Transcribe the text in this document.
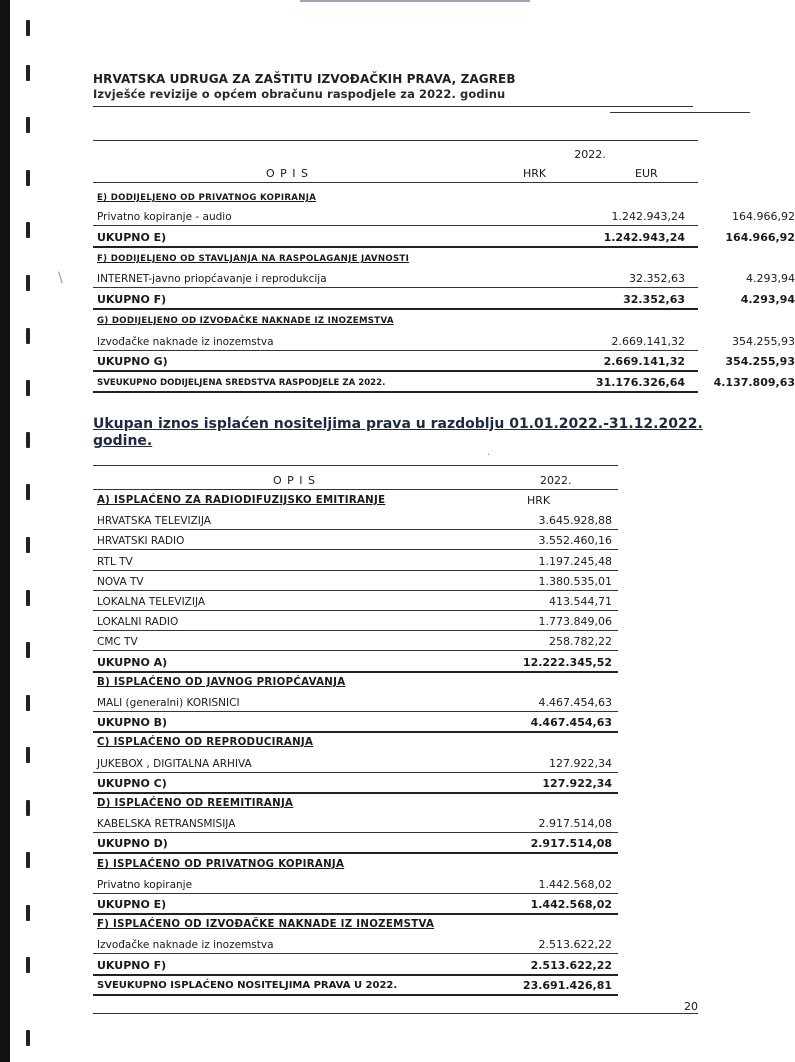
HRVATSKA UDRUGA ZA ZAŠTITU IZVOĐAČKIH PRAVA, ZAGREB
Izvješće revizije o općem obračunu raspodjele za 2022. godinu
2022.
O P I S	HRK	EUR
E) DODIJELJENO OD PRIVATNOG KOPIRANJA
Privatno kopiranje - audio	1.242.943,24	164.966,92
UKUPNO E)	1.242.943,24	164.966,92
F) DODIJELJENO OD STAVLJANJA NA RASPOLAGANJE JAVNOSTI
INTERNET-javno priopćavanje i reprodukcija	32.352,63	4.293,94
UKUPNO F)	32.352,63	4.293,94
G) DODIJELJENO OD IZVOĐAČKE NAKNADE IZ INOZEMSTVA
Izvođačke naknade iz inozemstva	2.669.141,32	354.255,93
UKUPNO G)	2.669.141,32	354.255,93
SVEUKUPNO DODIJELJENA SREDSTVA RASPODJELE ZA 2022.	31.176.326,64	4.137.809,63
Ukupan iznos isplaćen nositeljima prava u razdoblju 01.01.2022.-31.12.2022. godine.
·
\
O P I S	2022.
A) ISPLAĆENO ZA RADIODIFUZIJSKO EMITIRANJE	HRK
HRVATSKA TELEVIZIJA	3.645.928,88
HRVATSKI RADIO	3.552.460,16
RTL TV	1.197.245,48
NOVA TV	1.380.535,01
LOKALNA TELEVIZIJA	413.544,71
LOKALNI RADIO	1.773.849,06
CMC TV	258.782,22
UKUPNO A)	12.222.345,52
B) ISPLAĆENO OD JAVNOG PRIOPĆAVANJA
MALI (generalni) KORISNICI	4.467.454,63
UKUPNO B)	4.467.454,63
C) ISPLAĆENO OD REPRODUCIRANJA
JUKEBOX , DIGITALNA ARHIVA	127.922,34
UKUPNO C)	127.922,34
D) ISPLAĆENO OD REEMITIRANJA
KABELSKA RETRANSMISIJA	2.917.514,08
UKUPNO D)	2.917.514,08
E) ISPLAĆENO OD PRIVATNOG KOPIRANJA
Privatno kopiranje	1.442.568,02
UKUPNO E)	1.442.568,02
F) ISPLAĆENO OD IZVOĐAČKE NAKNADE IZ INOZEMSTVA
Izvođačke naknade iz inozemstva	2.513.622,22
UKUPNO F)	2.513.622,22
SVEUKUPNO ISPLAĆENO NOSITELJIMA PRAVA U 2022.	23.691.426,81
20
